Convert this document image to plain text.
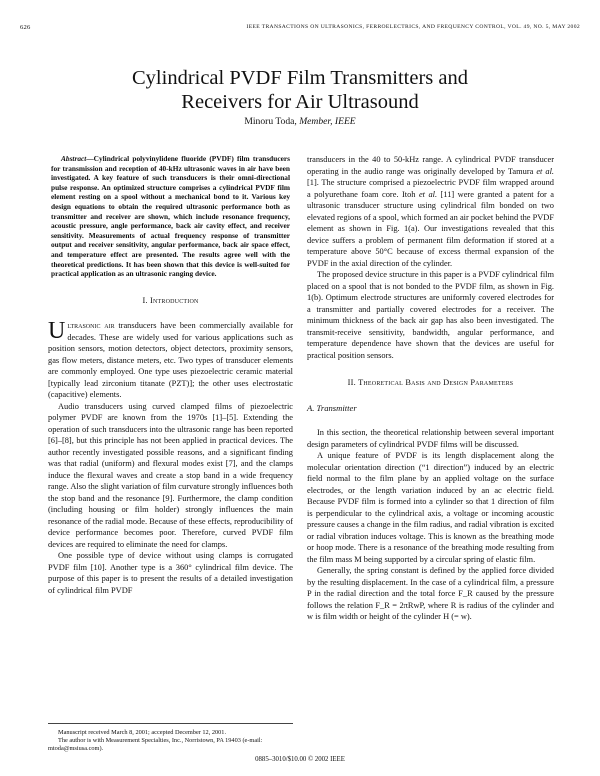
626	IEEE TRANSACTIONS ON ULTRASONICS, FERROELECTRICS, AND FREQUENCY CONTROL, VOL. 49, NO. 5, MAY 2002
Cylindrical PVDF Film Transmitters and
Receivers for Air Ultrasound
Minoru Toda, Member, IEEE

Abstract—Cylindrical polyvinylidene fluoride (PVDF) film transducers for transmission and reception of 40-kHz ultrasonic waves in air have been investigated. A key feature of such transducers is their omni-directional pulse response. An optimized structure comprises a cylindrical PVDF film element resting on a spool without a mechanical bond to it. Various key design equations to obtain the required ultrasonic performance both as transmitter and receiver are shown, which include resonance frequency, acoustic pressure, angle performance, back air cavity effect, and receiver sensitivity. Measurements of actual frequency response of transmitter output and receiver sensitivity, angular performance, back air space effect, and temperature effect are presented. The results agree well with the theoretical predictions. It has been shown that this device is well-suited for practical application as an ultrasonic ranging device.

I. Introduction

Ultrasonic air transducers have been commercially available for decades. These are widely used for various applications such as position sensors, motion detectors, object detectors, proximity sensors, gas flow meters, distance meters, etc. Two types of transducer elements are commonly employed. One type uses piezoelectric ceramic material [typically lead zirconium titanate (PZT)]; the other uses electrostatic (capacitive) elements.

Audio transducers using curved clamped films of piezoelectric polymer PVDF are known from the 1970s [1]–[5]. Extending the operation of such transducers into the ultrasonic range has been reported [6]–[8], but this principle has not been applied in practical devices. The author recently investigated possible reasons, and a significant finding was that radial (uniform) and flexural modes exist [7], and the clamps induce the flexural waves and create a stop band in a wide frequency range. Also the slight variation of film curvature strongly influences both the stop band and the resonance [9]. Furthermore, the clamp condition (including housing or film holder) strongly influences the main resonance of the radial mode. Because of these effects, reproducibility of device performance becomes poor. Therefore, curved PVDF film devices are required to eliminate the need for clamps.

One possible type of device without using clamps is corrugated PVDF film [10]. Another type is a 360° cylindrical film device. The purpose of this paper is to present the results of a detailed investigation of cylindrical film PVDF

Manuscript received March 8, 2001; accepted December 12, 2001.

The author is with Measurement Specialties, Inc., Norristown, PA 19403 (e-mail: mtoda@msiusa.com).

transducers in the 40 to 50-kHz range. A cylindrical PVDF transducer operating in the audio range was originally developed by Tamura et al. [1]. The structure comprised a piezoelectric PVDF film wrapped around a polyurethane foam core. Itoh et al. [11] were granted a patent for a ultrasonic transducer structure using cylindrical film bonded on two elevated regions of a spool, which formed an air pocket behind the PVDF element as shown in Fig. 1(a). Our investigations revealed that this device suffers a problem of permanent film deformation if stored at a temperature above 50°C because of excess thermal expansion of the PVDF in the axial direction of the cylinder.

The proposed device structure in this paper is a PVDF cylindrical film placed on a spool that is not bonded to the PVDF film, as shown in Fig. 1(b). Optimum electrode structures are uniformly covered electrodes for a transmitter and partially covered electrodes for a receiver. The minimum thickness of the back air gap has also been investigated. The transmit-receive sensitivity, bandwidth, angular performance, and temperature dependence have shown that the devices are useful for practical position sensors.

II. Theoretical Basis and Design Parameters
A. Transmitter

In this section, the theoretical relationship between several important design parameters of cylindrical PVDF films will be discussed.

A unique feature of PVDF is its length displacement along the molecular orientation direction (“1 direction”) induced by an electric field normal to the film plane by an applied voltage on the surface electrodes, or the length variation induced by an ac electric field. Because PVDF film is formed into a cylinder so that 1 direction of film is perpendicular to the cylindrical axis, a voltage or incoming acoustic pressure causes a change in the film radius, and radial vibration is excited or radial vibration induces voltage. This is known as the breathing mode or hoop mode. There is a resonance of the breathing mode resulting from the film mass M being supported by a circular spring of elastic film.

Generally, the spring constant is defined by the applied force divided by the resulting displacement. In the case of a cylindrical film, a pressure P in the radial direction and the total force F_R caused by the pressure follows the relation F_R = 2πRwP, where R is radius of the cylinder and w is film width or height of the cylinder H (= w).

0885–3010/$10.00 © 2002 IEEE
